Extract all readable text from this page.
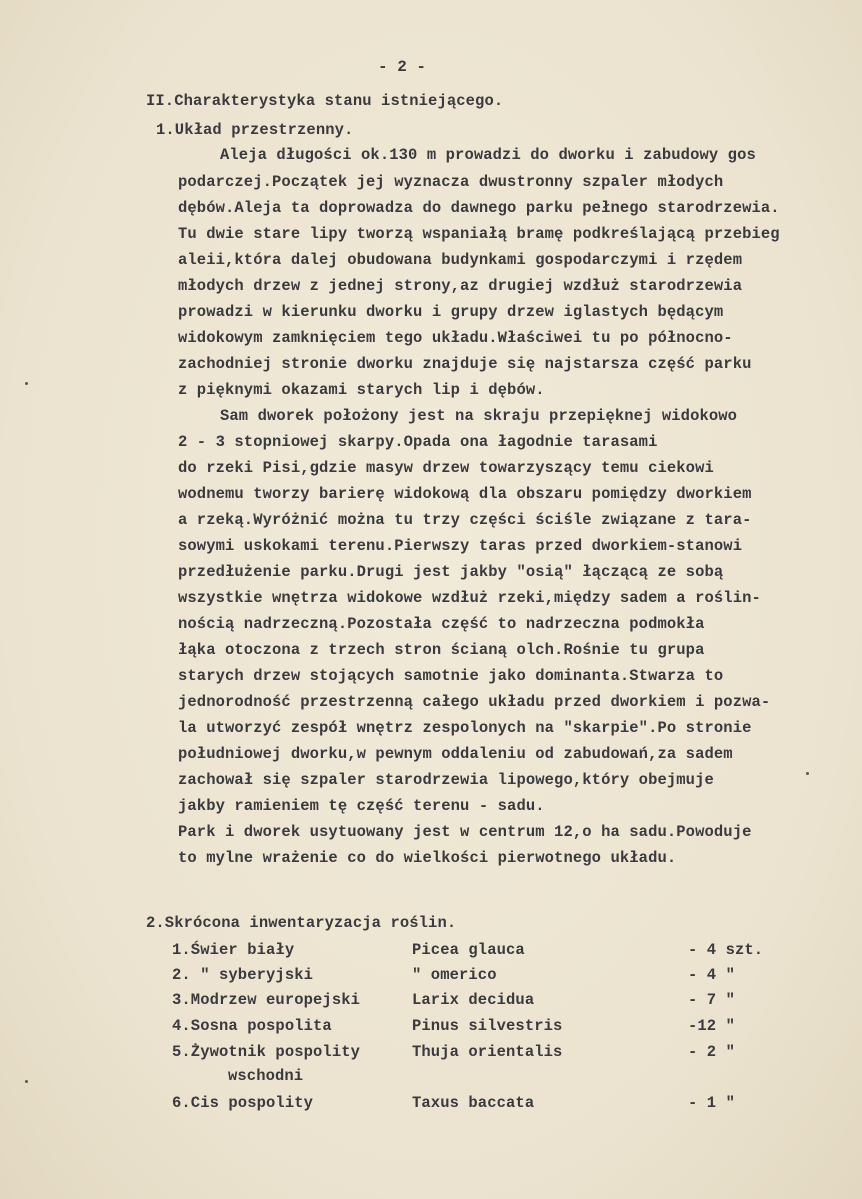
- 2 -
II.Charakterystyka stanu istniejącego.
1.Układ przestrzenny.
Aleja długości ok.130 m prowadzi do dworku i zabudowy gos
podarczej.Początek jej wyznacza dwustronny szpaler młodych
dębów.Aleja ta doprowadza do dawnego parku pełnego starodrzewia.
Tu dwie stare lipy tworzą wspaniałą bramę podkreślającą przebieg
aleii,która dalej obudowana budynkami gospodarczymi i rzędem
młodych drzew z jednej strony,az drugiej wzdłuż starodrzewia
prowadzi w kierunku dworku i grupy drzew iglastych będącym
widokowym zamknięciem tego układu.Właściwei tu po północno-
zachodniej stronie dworku znajduje się najstarsza część parku
z pięknymi okazami starych lip i dębów.
Sam dworek położony jest na skraju przepięknej widokowo
2 - 3 stopniowej skarpy.Opada ona łagodnie tarasami
do rzeki Pisi,gdzie masyw drzew towarzyszący temu ciekowi
wodnemu tworzy barierę widokową dla obszaru pomiędzy dworkiem
a rzeką.Wyróżnić można tu trzy części ściśle związane z tara-
sowymi uskokami terenu.Pierwszy taras przed dworkiem-stanowi
przedłużenie parku.Drugi jest jakby "osią" łączącą ze sobą
wszystkie wnętrza widokowe wzdłuż rzeki,między sadem a roślin-
nością nadrzeczną.Pozostała część to nadrzeczna podmokła
łąka otoczona z trzech stron ścianą olch.Rośnie tu grupa
starych drzew stojących samotnie jako dominanta.Stwarza to
jednorodność przestrzenną całego układu przed dworkiem i pozwa-
la utworzyć zespół wnętrz zespolonych na "skarpie".Po stronie
południowej dworku,w pewnym oddaleniu od zabudowań,za sadem
zachował się szpaler starodrzewia lipowego,który obejmuje
jakby ramieniem tę część terenu - sadu.
Park i dworek usytuowany jest w centrum 12,o ha sadu.Powoduje
to mylne wrażenie co do wielkości pierwotnego układu.
2.Skrócona inwentaryzacja roślin.
1.Świer biały	Picea glauca	- 4 szt.
2. " syberyjski	" omerico	- 4 "
3.Modrzew europejski	Larix decidua	- 7 "
4.Sosna pospolita	Pinus silvestris	-12 "
5.Żywotnik pospolity	Thuja orientalis	- 2 "
wschodni
6.Cis pospolity	Taxus baccata	- 1 "
